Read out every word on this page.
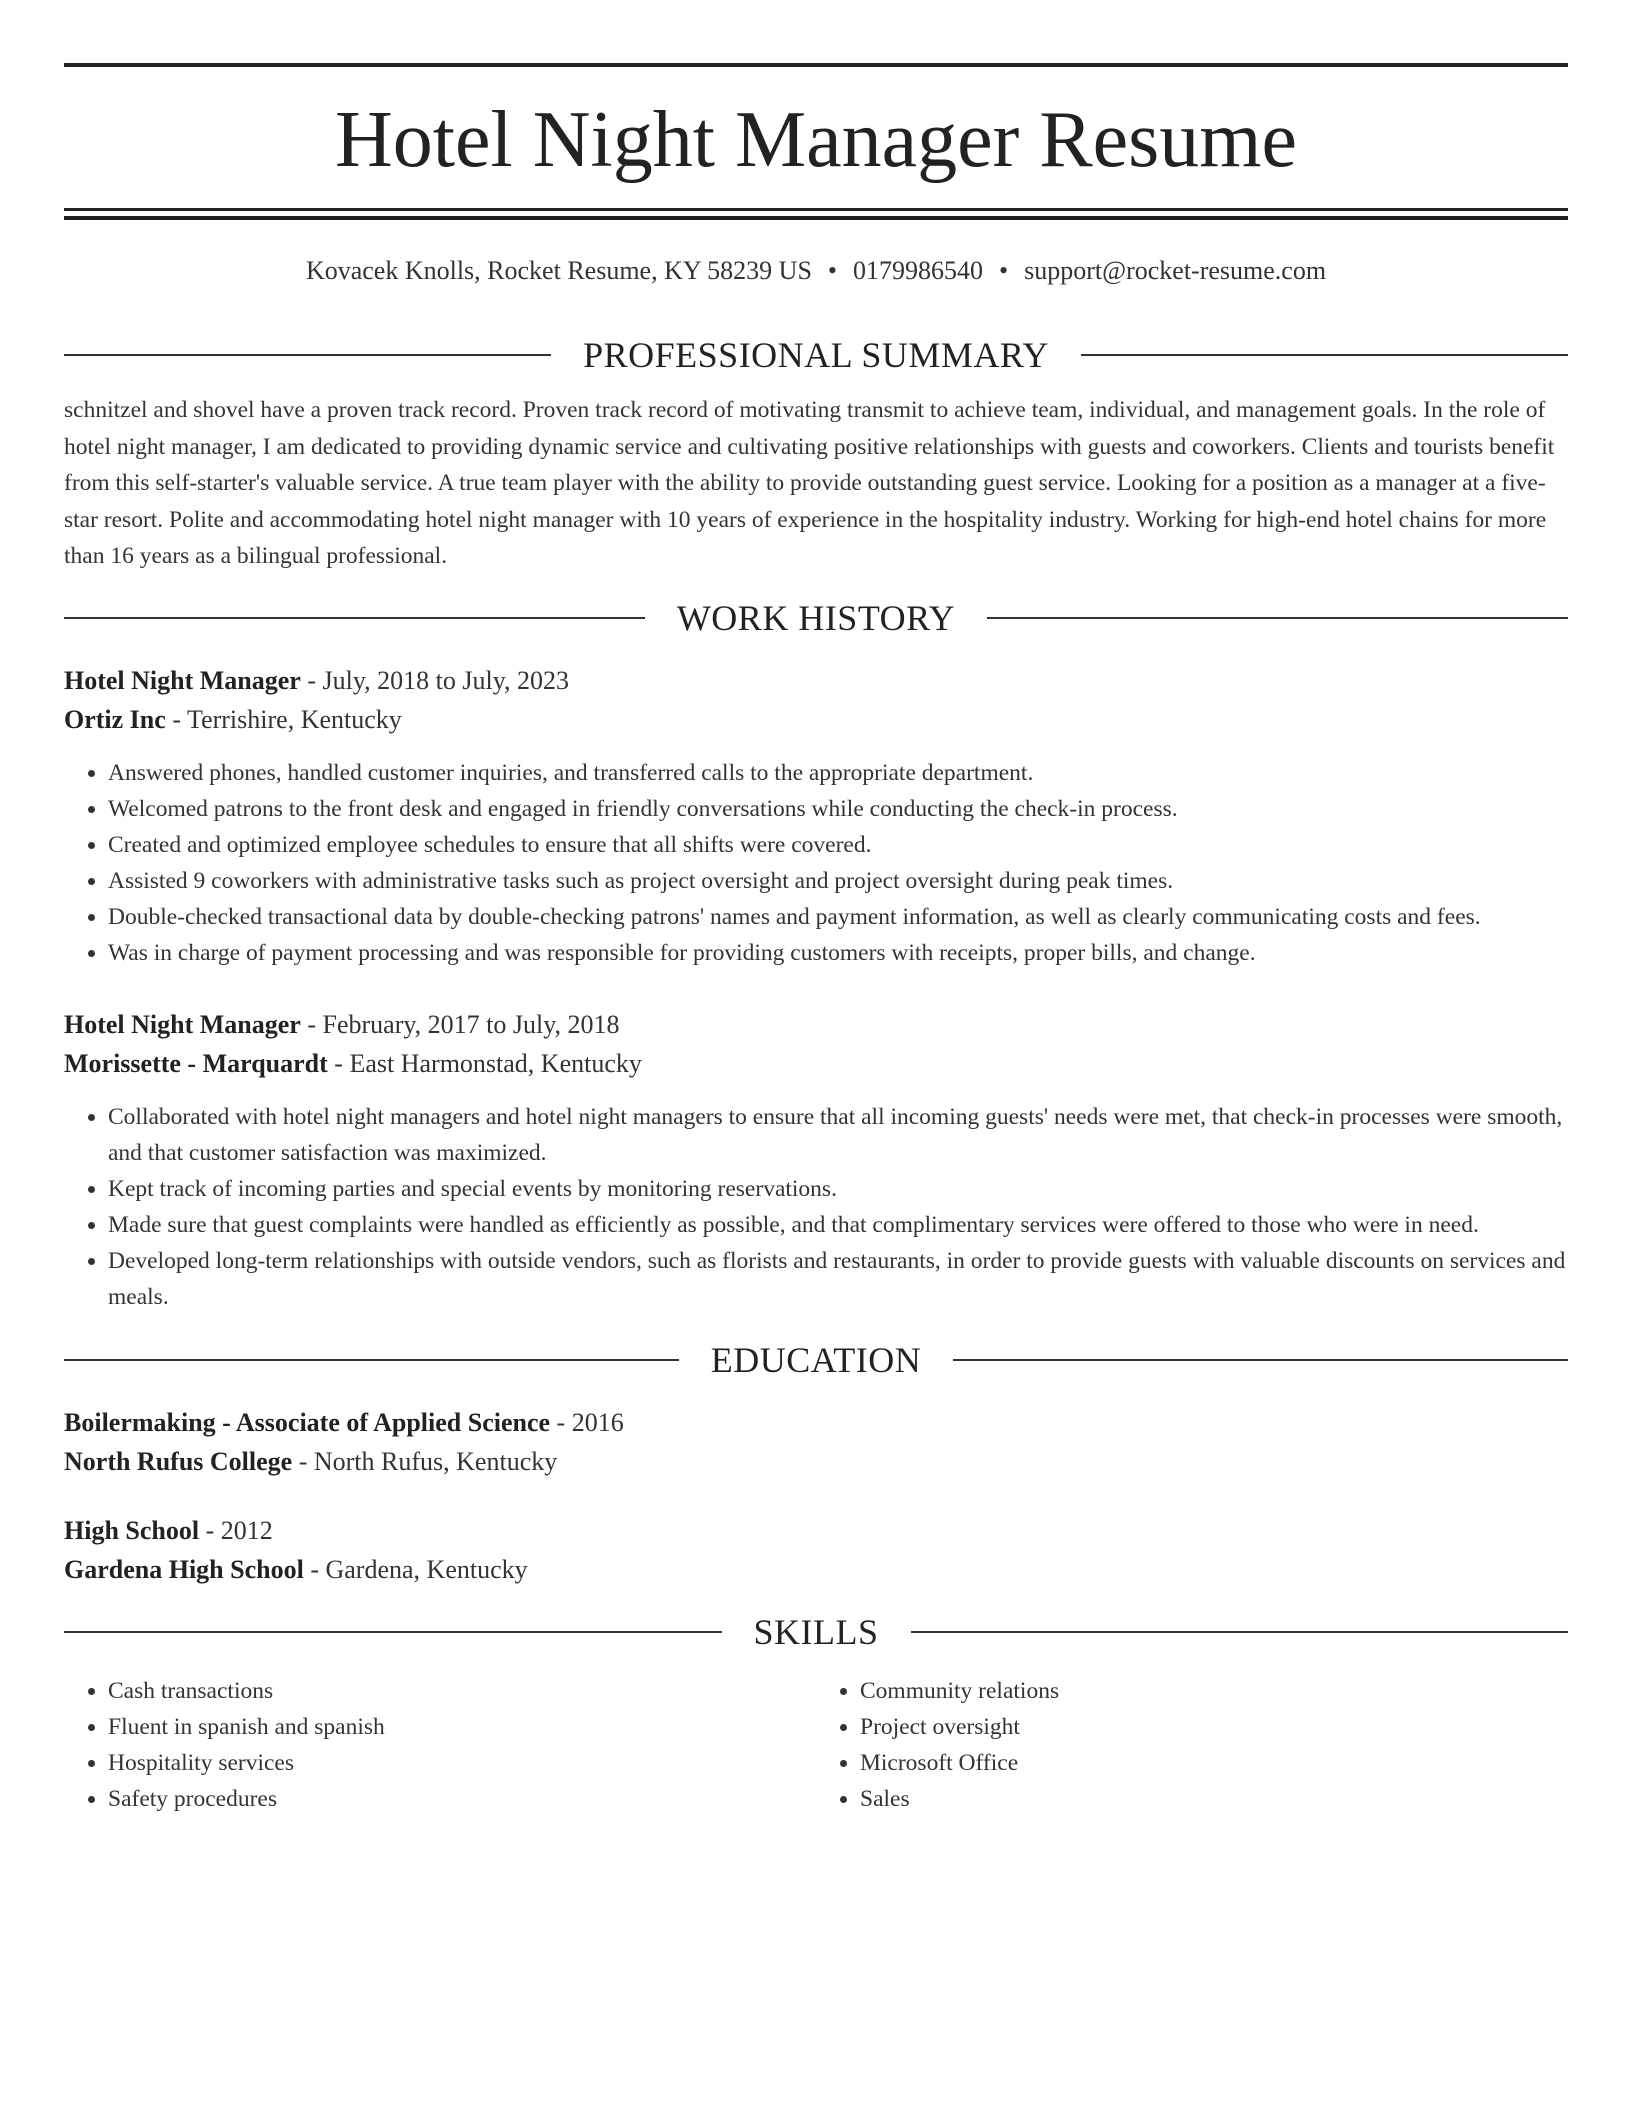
Hotel Night Manager Resume
Kovacek Knolls, Rocket Resume, KY 58239 US • 0179986540 • support@rocket-resume.com
PROFESSIONAL SUMMARY

schnitzel and shovel have a proven track record. Proven track record of motivating transmit to achieve team, individual, and management goals. In the role of hotel night manager, I am dedicated to providing dynamic service and cultivating positive relationships with guests and coworkers. Clients and tourists benefit from this self-starter's valuable service. A true team player with the ability to provide outstanding guest service. Looking for a position as a manager at a five-star resort. Polite and accommodating hotel night manager with 10 years of experience in the hospitality industry. Working for high-end hotel chains for more than 16 years as a bilingual professional.

WORK HISTORY
Hotel Night Manager - July, 2018 to July, 2023
Ortiz Inc - Terrishire, Kentucky
• Answered phones, handled customer inquiries, and transferred calls to the appropriate department.
• Welcomed patrons to the front desk and engaged in friendly conversations while conducting the check-in process.
• Created and optimized employee schedules to ensure that all shifts were covered.
• Assisted 9 coworkers with administrative tasks such as project oversight and project oversight during peak times.
• Double-checked transactional data by double-checking patrons' names and payment information, as well as clearly communicating costs and fees.
• Was in charge of payment processing and was responsible for providing customers with receipts, proper bills, and change.
Hotel Night Manager - February, 2017 to July, 2018
Morissette - Marquardt - East Harmonstad, Kentucky
• Collaborated with hotel night managers and hotel night managers to ensure that all incoming guests' needs were met, that check-in processes were smooth, and that customer satisfaction was maximized.
• Kept track of incoming parties and special events by monitoring reservations.
• Made sure that guest complaints were handled as efficiently as possible, and that complimentary services were offered to those who were in need.
• Developed long-term relationships with outside vendors, such as florists and restaurants, in order to provide guests with valuable discounts on services and meals.
EDUCATION
Boilermaking - Associate of Applied Science - 2016
North Rufus College - North Rufus, Kentucky
High School - 2012
Gardena High School - Gardena, Kentucky
SKILLS
• Cash transactions
• Fluent in spanish and spanish
• Hospitality services
• Safety procedures
• Community relations
• Project oversight
• Microsoft Office
• Sales
